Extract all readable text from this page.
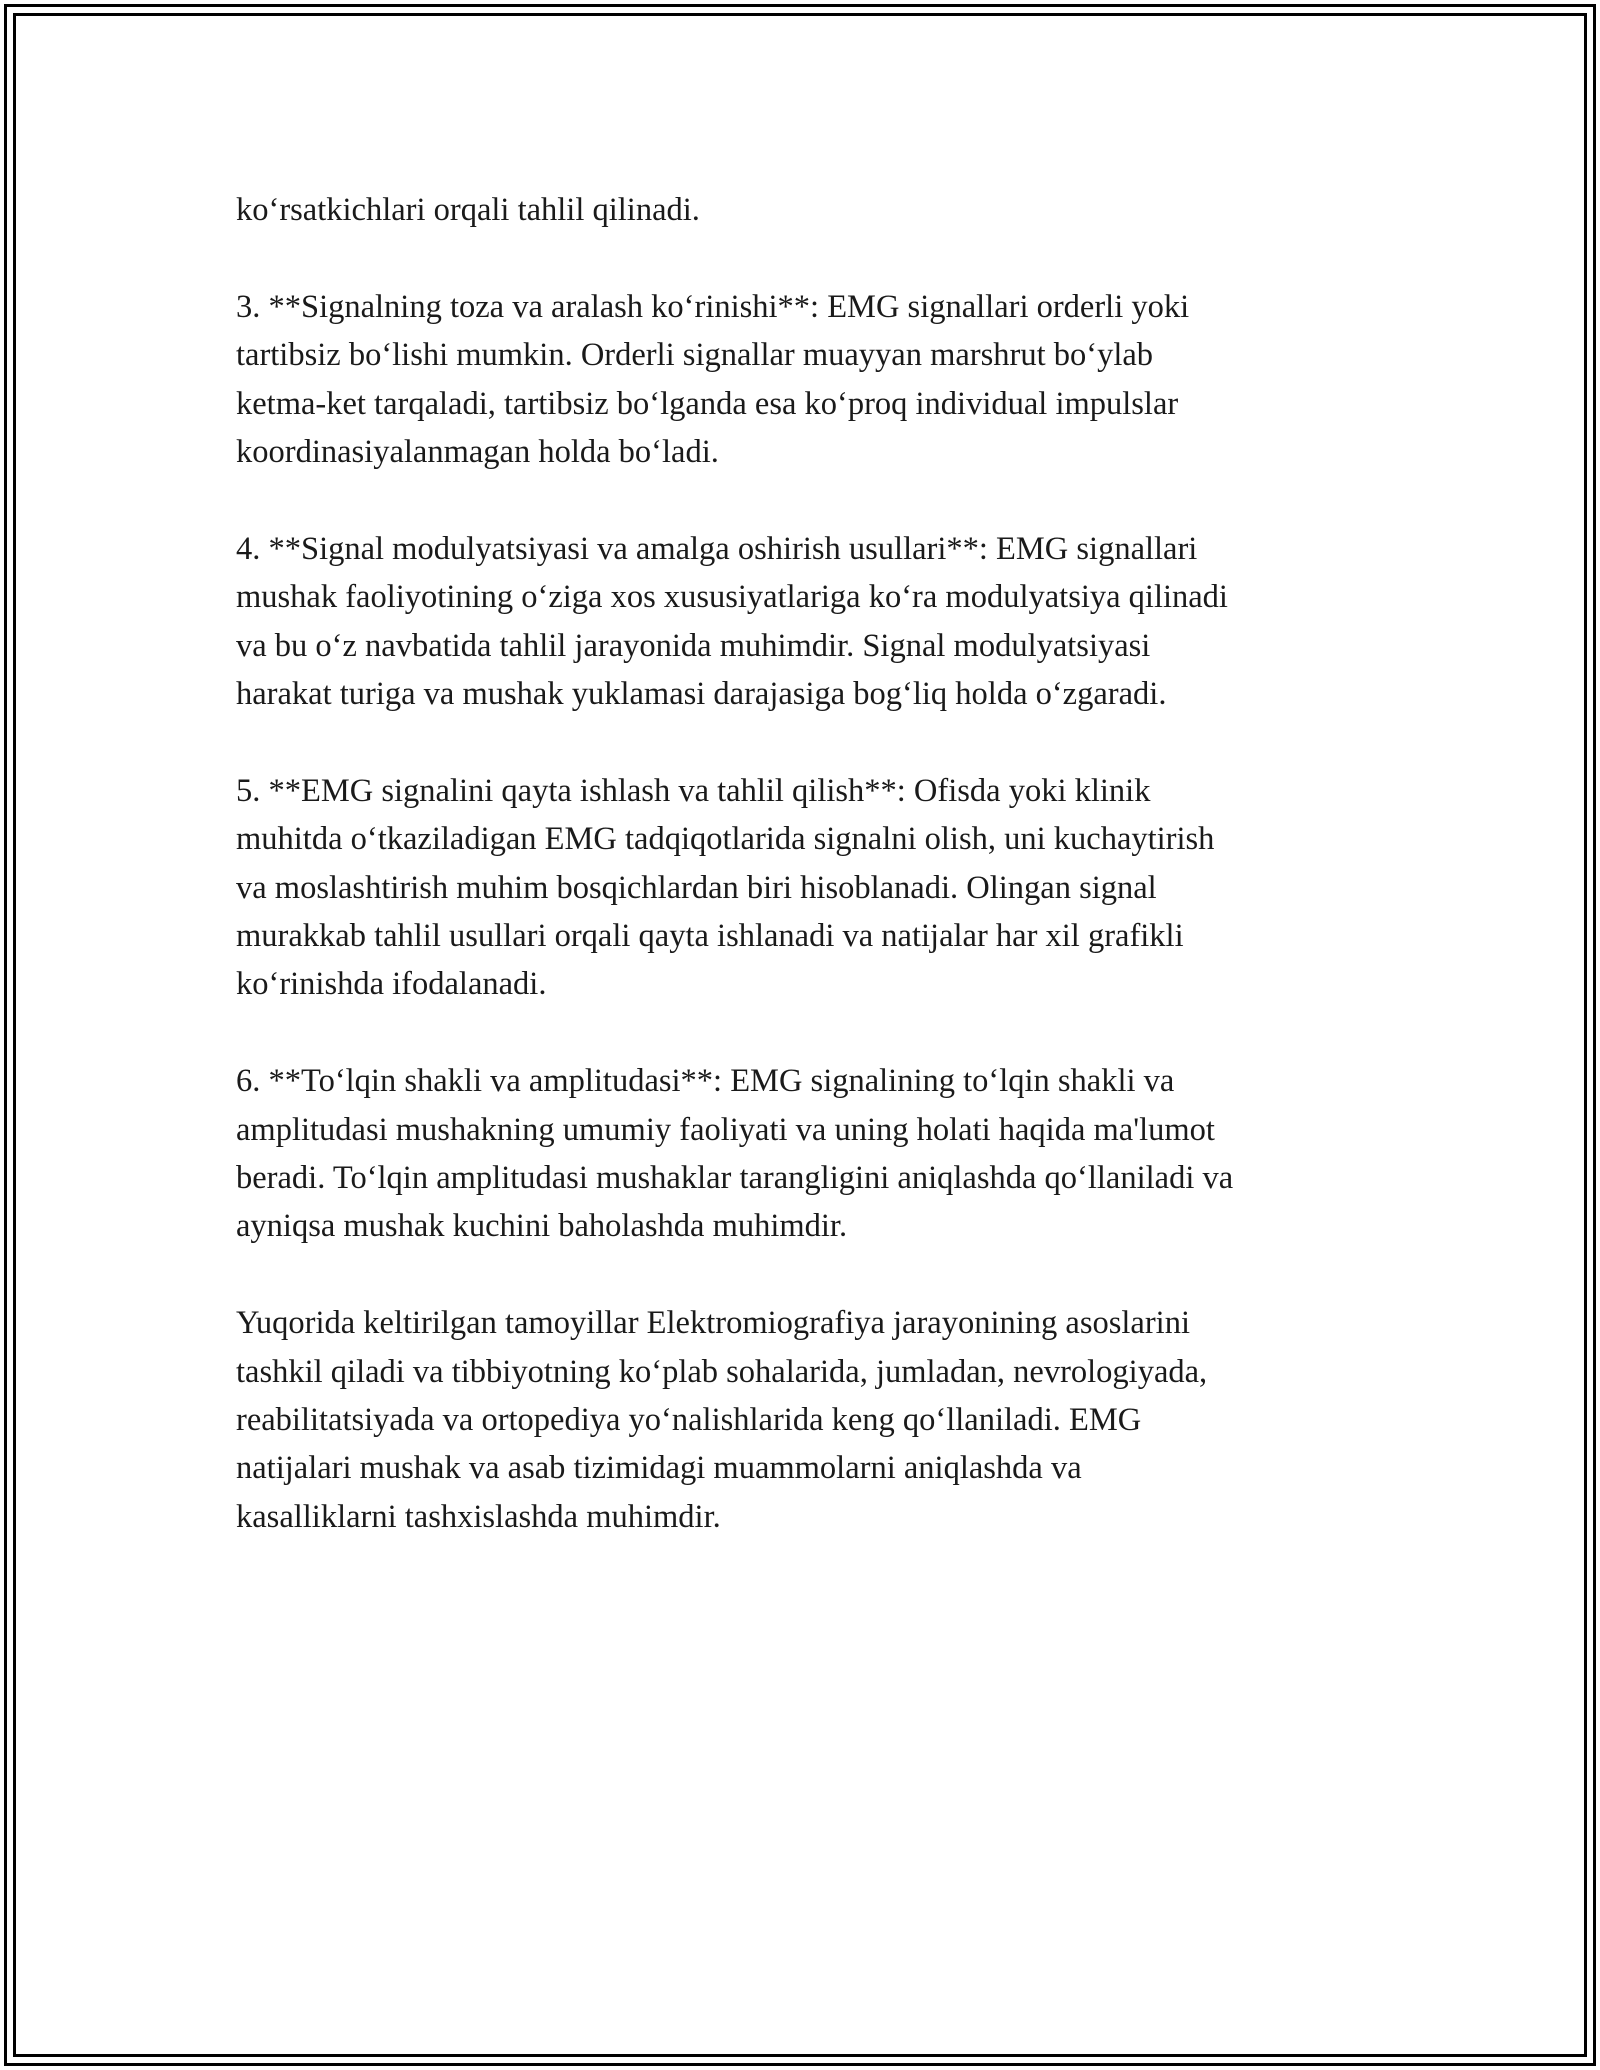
ko‘rsatkichlari orqali tahlil qilinadi.

3. **Signalning toza va aralash ko‘rinishi**: EMG signallari orderli yoki
tartibsiz bo‘lishi mumkin. Orderli signallar muayyan marshrut bo‘ylab
ketma-ket tarqaladi, tartibsiz bo‘lganda esa ko‘proq individual impulslar
koordinasiyalanmagan holda bo‘ladi.

4. **Signal modulyatsiyasi va amalga oshirish usullari**: EMG signallari
mushak faoliyotining o‘ziga xos xususiyatlariga ko‘ra modulyatsiya qilinadi
va bu o‘z navbatida tahlil jarayonida muhimdir. Signal modulyatsiyasi
harakat turiga va mushak yuklamasi darajasiga bog‘liq holda o‘zgaradi.

5. **EMG signalini qayta ishlash va tahlil qilish**: Ofisda yoki klinik
muhitda o‘tkaziladigan EMG tadqiqotlarida signalni olish, uni kuchaytirish
va moslashtirish muhim bosqichlardan biri hisoblanadi. Olingan signal
murakkab tahlil usullari orqali qayta ishlanadi va natijalar har xil grafikli
ko‘rinishda ifodalanadi.

6. **To‘lqin shakli va amplitudasi**: EMG signalining to‘lqin shakli va
amplitudasi mushakning umumiy faoliyati va uning holati haqida ma'lumot
beradi. To‘lqin amplitudasi mushaklar tarangligini aniqlashda qo‘llaniladi va
ayniqsa mushak kuchini baholashda muhimdir.

Yuqorida keltirilgan tamoyillar Elektromiografiya jarayonining asoslarini
tashkil qiladi va tibbiyotning ko‘plab sohalarida, jumladan, nevrologiyada,
reabilitatsiyada va ortopediya yo‘nalishlarida keng qo‘llaniladi. EMG
natijalari mushak va asab tizimidagi muammolarni aniqlashda va
kasalliklarni tashxislashda muhimdir.
